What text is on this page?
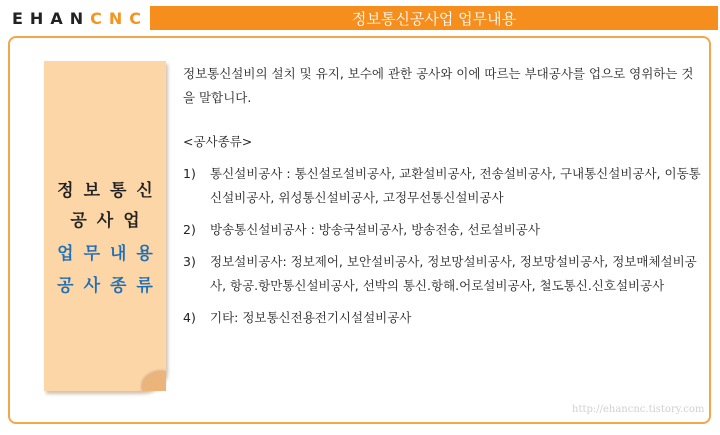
EHAN CNC	정보통신공사업 업무내용
정보통신
공사업
업무내용
공사종류

정보통신설비의 설치 및 유지, 보수에 관한 공사와 이에 따르는 부대공사를 업으로 영위하는 것을 말합니다.

<공사종류>
1)	통신설비공사 : 통신설로설비공사, 교환설비공사, 전송설비공사, 구내통신설비공사, 이동통신설비공사, 위성통신설비공사, 고정무선통신설비공사
2)	방송통신설비공사 : 방송국설비공사, 방송전송, 선로설비공사
3)	정보설비공사: 정보제어, 보안설비공사, 정보망설비공사, 정보망설비공사, 정보매체설비공사, 항공.항만통신설비공사, 선박의 통신.항해.어로설비공사, 철도통신.신호설비공사
4)	기타: 정보통신전용전기시설설비공사
http://ehancnc.tistory.com
